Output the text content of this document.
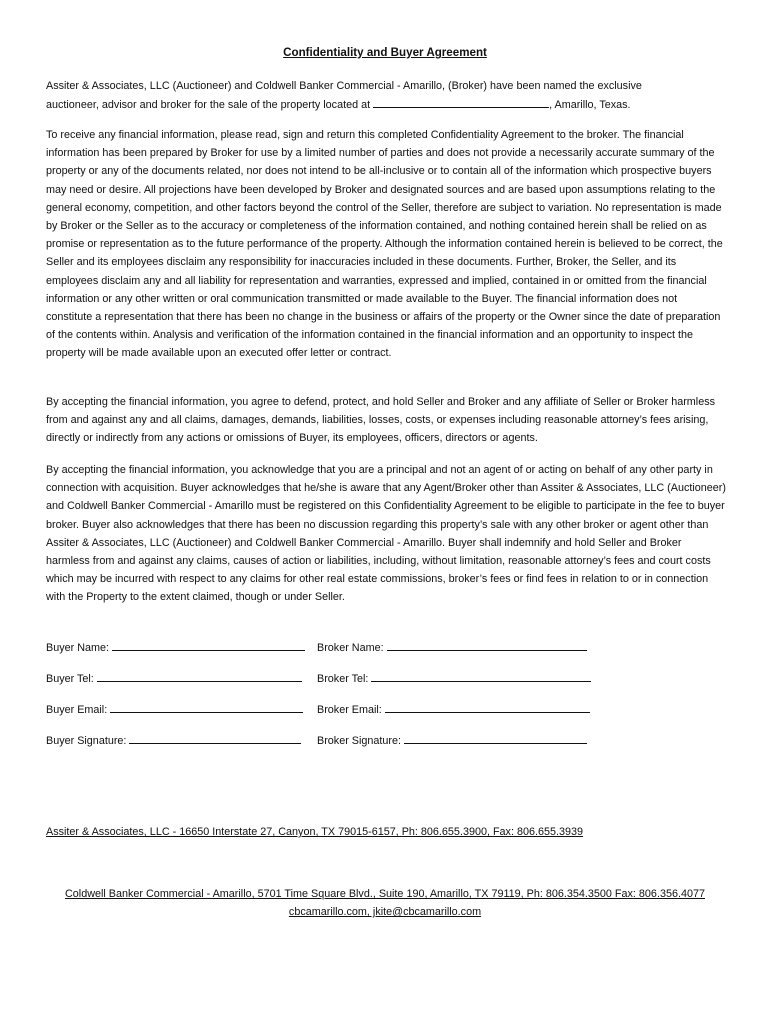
Confidentiality and Buyer Agreement

Assiter & Associates, LLC (Auctioneer) and Coldwell Banker Commercial - Amarillo, (Broker) have been named the exclusive
auctioneer, advisor and broker for the sale of the property located at	, Amarillo, Texas.

To receive any financial information, please read, sign and return this completed Confidentiality Agreement to the broker. The financial information has been prepared by Broker for use by a limited number of parties and does not provide a necessarily accurate summary of the property or any of the documents related, nor does not intend to be all-inclusive or to contain all of the information which prospective buyers may need or desire. All projections have been developed by Broker and designated sources and are based upon assumptions relating to the general economy, competition, and other factors beyond the control of the Seller, therefore are subject to variation. No representation is made by Broker or the Seller as to the accuracy or completeness of the information contained, and nothing contained herein shall be relied on as promise or representation as to the future performance of the property. Although the information contained herein is believed to be correct, the Seller and its employees disclaim any responsibility for inaccuracies included in these documents. Further, Broker, the Seller, and its employees disclaim any and all liability for representation and warranties, expressed and implied, contained in or omitted from the financial information or any other written or oral communication transmitted or made available to the Buyer. The financial information does not constitute a representation that there has been no change in the business or affairs of the property or the Owner since the date of preparation of the contents within. Analysis and verification of the information contained in the financial information and an opportunity to inspect the property will be made available upon an executed offer letter or contract.

By accepting the financial information, you agree to defend, protect, and hold Seller and Broker and any affiliate of Seller or Broker harmless from and against any and all claims, damages, demands, liabilities, losses, costs, or expenses including reasonable attorney’s fees arising, directly or indirectly from any actions or omissions of Buyer, its employees, officers, directors or agents.

By accepting the financial information, you acknowledge that you are a principal and not an agent of or acting on behalf of any other party in connection with acquisition. Buyer acknowledges that he/she is aware that any Agent/Broker other than Assiter & Associates, LLC (Auctioneer) and Coldwell Banker Commercial - Amarillo must be registered on this Confidentiality Agreement to be eligible to participate in the fee to buyer broker. Buyer also acknowledges that there has been no discussion regarding this property’s sale with any other broker or agent other than Assiter & Associates, LLC (Auctioneer) and Coldwell Banker Commercial - Amarillo. Buyer shall indemnify and hold Seller and Broker harmless from and against any claims, causes of action or liabilities, including, without limitation, reasonable attorney’s fees and court costs which may be incurred with respect to any claims for other real estate commissions, broker’s fees or find fees in relation to or in connection with the Property to the extent claimed, though or under Seller.

Buyer Name:	Broker Name:
Buyer Tel:	Broker Tel:
Buyer Email:	Broker Email:
Buyer Signature:	Broker Signature:
Assiter & Associates, LLC - 16650 Interstate 27, Canyon, TX 79015-6157, Ph: 806.655.3900, Fax: 806.655.3939
Coldwell Banker Commercial - Amarillo, 5701 Time Square Blvd., Suite 190, Amarillo, TX 79119, Ph: 806.354.3500 Fax: 806.356.4077
cbcamarillo.com, jkite@cbcamarillo.com
